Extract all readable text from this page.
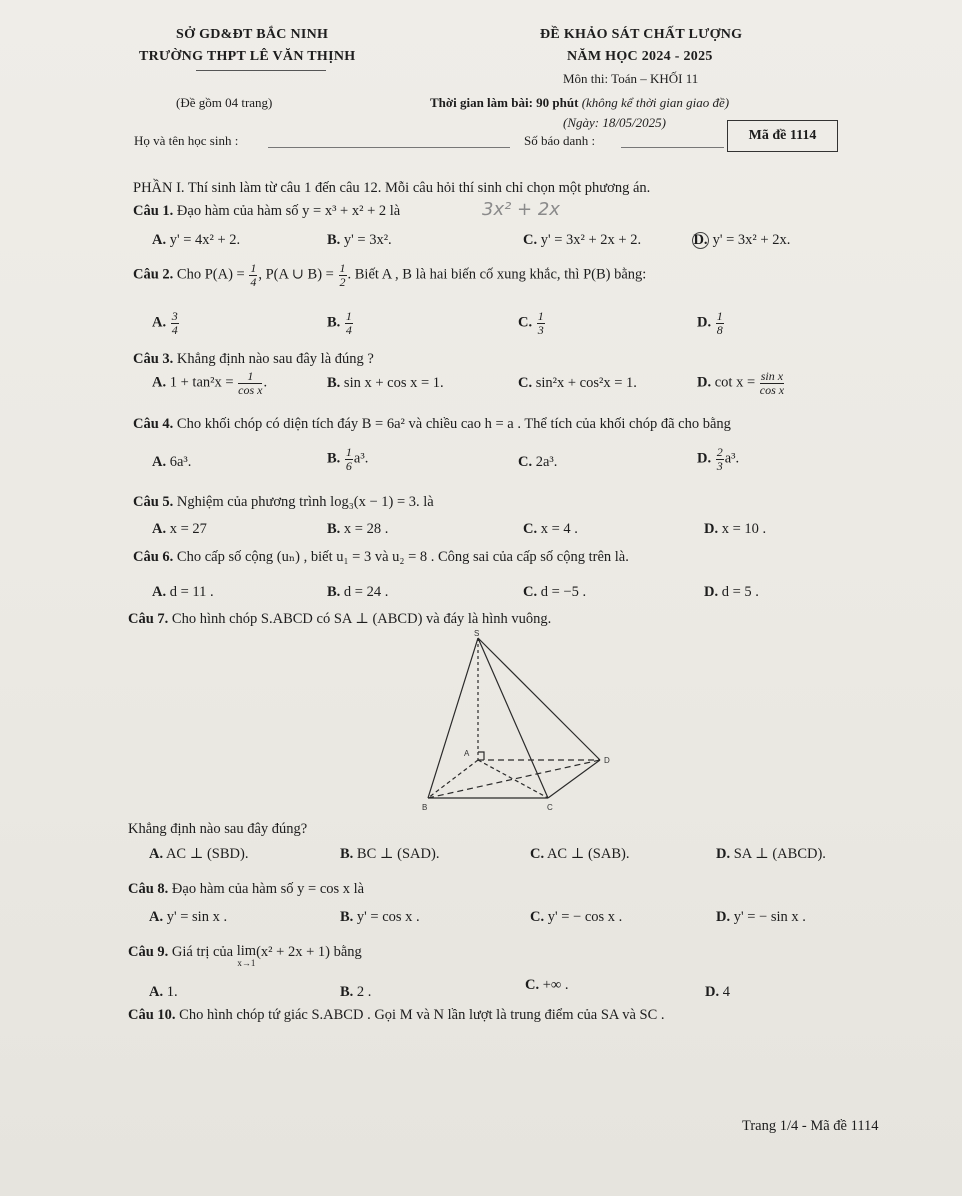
SỞ GD&ĐT BẮC NINH
TRƯỜNG THPT LÊ VĂN THỊNH
(Đề gồm 04 trang)
ĐỀ KHẢO SÁT CHẤT LƯỢNG
NĂM HỌC 2024 - 2025
Môn thi: Toán – KHỐI 11
Thời gian làm bài: 90 phút (không kể thời gian giao đề)
(Ngày: 18/05/2025)
Họ và tên học sinh :	Số báo danh :	Mã đề 1114
PHẦN I. Thí sinh làm từ câu 1 đến câu 12. Mỗi câu hỏi thí sinh chỉ chọn một phương án.
Câu 1. Đạo hàm của hàm số y = x³ + x² + 2 là	3x² + 2x
A. y' = 4x² + 2.	B. y' = 3x².	C. y' = 3x² + 2x + 2.	D. y' = 3x² + 2x.
Câu 2. Cho $P(A) = \frac{1}{4}$ , P(A ∪ $B) = \frac{1}{2}$ . Biết A , B là hai biến cố xung khắc, thì P(B) bằng:
A. $\frac{3}{4}$	B. $\frac{1}{4}$	C. $\frac{1}{3}$	D. $\frac{1}{8}$
Câu 3. Khẳng định nào sau đây là đúng ?
A. $1 + \tan^2x = \frac{1}{\text{cos x}}$ .	B. sin x + cos x = 1.	C. sin²x + cos²x = 1.	D. $\cot x = \frac{\text{sin x}}{\text{cos x}}$
Câu 4. Cho khối chóp có diện tích đáy B = 6a² và chiều cao h = a . Thể tích của khối chóp đã cho bằng
A. 6a³.	B. $\frac{1}{6} a^3$.	C. 2a³.	D. $\frac{2}{3} a^3$.
Câu 5. Nghiệm của phương trình log₃(x − 1) = 3. là
A. x = 27	B. x = 28 .	C. x = 4 .	D. x = 10 .
Câu 6. Cho cấp số cộng (uₙ) , biết u₁ = 3 và u₂ = 8 . Công sai của cấp số cộng trên là.
A. d = 11 .	B. d = 24 .	C. d = −5 .	D. d = 5 .
Câu 7. Cho hình chóp S.ABCD có SA ⊥ (ABCD) và đáy là hình vuông.
S
A
B	C
D
Khẳng định nào sau đây đúng?
A. AC ⊥ (SBD).	B. BC ⊥ (SAD).	C. AC ⊥ (SAB).	D. SA ⊥ (ABCD).
Câu 8. Đạo hàm của hàm số y = cos x là
A. y' = sin x .	B. y' = cos x .	C. y' = − cos x .	D. y' = − sin x .
Câu 9. Giá trị của lim
x→1
(x² + 2x + 1) bằng
A. 1.	B. 2 .	C. +∞ .	D. 4
Câu 10. Cho hình chóp tứ giác S.ABCD . Gọi M và N lần lượt là trung điểm của SA và SC .
Trang 1/4 - Mã đề 1114
